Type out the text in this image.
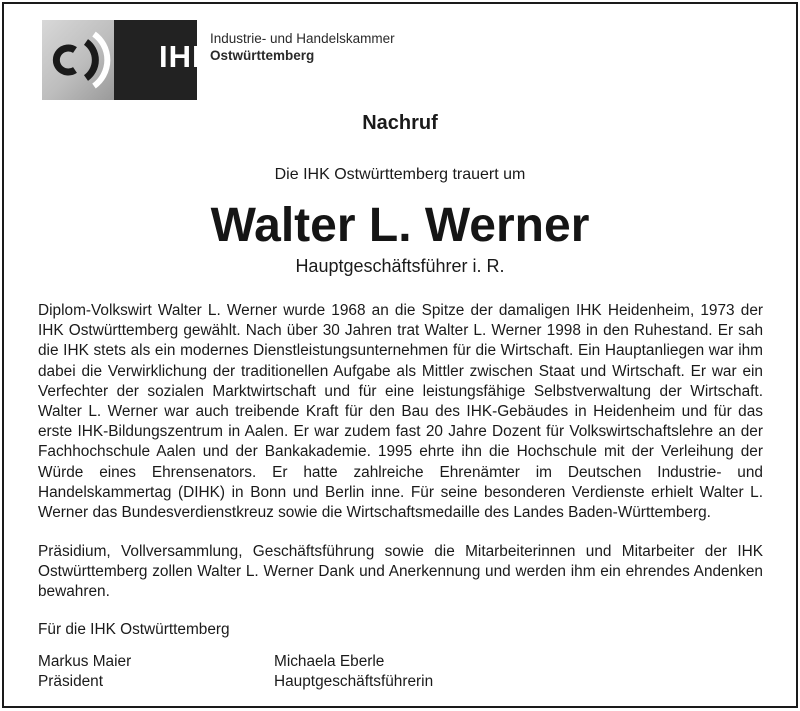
IHK
Industrie- und Handelskammer
Ostwürttemberg
Nachruf
Die IHK Ostwürttemberg trauert um
Walter L. Werner
Hauptgeschäftsführer i. R.
Diplom-Volkswirt Walter L. Werner wurde 1968 an die Spitze der damaligen IHK Heidenheim, 1973 der IHK Ostwürttemberg gewählt. Nach über 30 Jahren trat Walter L. Werner 1998 in den Ruhestand. Er sah die IHK stets als ein modernes Dienstleistungsunternehmen für die Wirtschaft. Ein Hauptanliegen war ihm dabei die Verwirklichung der traditionellen Aufgabe als Mittler zwischen Staat und Wirtschaft. Er war ein Verfechter der sozialen Marktwirtschaft und für eine leistungsfähige Selbstverwaltung der Wirtschaft. Walter L. Werner war auch treibende Kraft für den Bau des IHK-Gebäudes in Heidenheim und für das erste IHK-Bildungszentrum in Aalen. Er war zudem fast 20 Jahre Dozent für Volkswirtschaftslehre an der Fachhochschule Aalen und der Bankakademie. 1995 ehrte ihn die Hochschule mit der Verleihung der Würde eines Ehrensenators. Er hatte zahlreiche Ehrenämter im Deutschen Industrie- und Handelskammertag (DIHK) in Bonn und Berlin inne. Für seine besonderen Verdienste erhielt Walter L. Werner das Bundesverdienstkreuz sowie die Wirtschaftsmedaille des Landes Baden-Württemberg.
Präsidium, Vollversammlung, Geschäftsführung sowie die Mitarbeiterinnen und Mitarbeiter der IHK Ostwürttemberg zollen Walter L. Werner Dank und Anerkennung und werden ihm ein ehrendes Andenken bewahren.
Für die IHK Ostwürttemberg
Markus Maier
Präsident
Michaela Eberle
Hauptgeschäftsführerin
